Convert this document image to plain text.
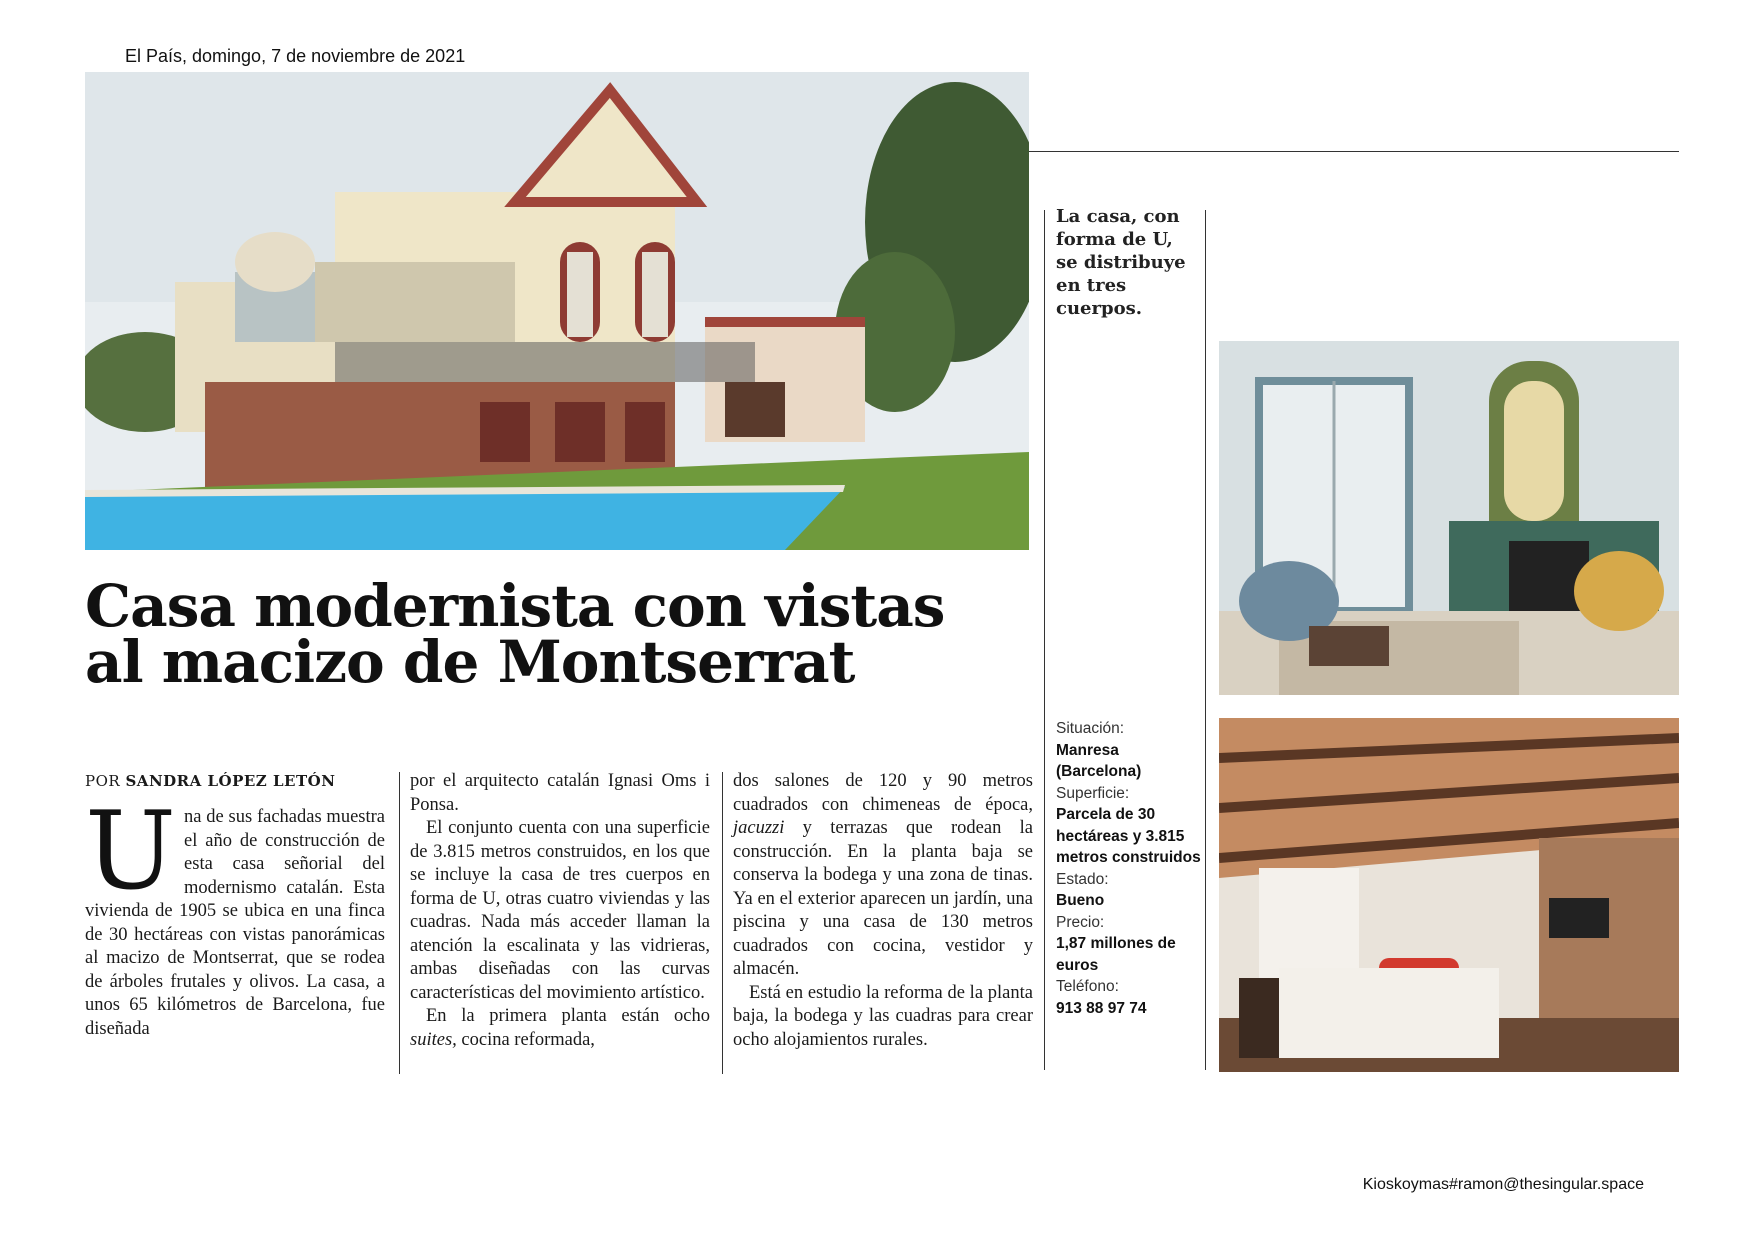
El País, domingo, 7 de noviembre de 2021
Casa modernista con vistas al macizo de Montserrat
POR SANDRA LÓPEZ LETÓN

Una de sus fachadas muestra el año de construcción de esta casa señorial del modernismo catalán. Esta vivienda de 1905 se ubica en una finca de 30 hectáreas con vistas panorámicas al macizo de Montserrat, que se rodea de árboles frutales y olivos. La casa, a unos 65 kilómetros de Barcelona, fue diseñada

por el arquitecto catalán Ignasi Oms i Ponsa.

El conjunto cuenta con una superficie de 3.815 metros construidos, en los que se incluye la casa de tres cuerpos en forma de U, otras cuatro viviendas y las cuadras. Nada más acceder llaman la atención la escalinata y las vidrieras, ambas diseñadas con las curvas características del movimiento artístico.

En la primera planta están ocho suites, cocina reformada,

dos salones de 120 y 90 metros cuadrados con chimeneas de época, jacuzzi y terrazas que rodean la construcción. En la planta baja se conserva la bodega y una zona de tinas. Ya en el exterior aparecen un jardín, una piscina y una casa de 130 metros cuadrados con cocina, vestidor y almacén.

Está en estudio la reforma de la planta baja, la bodega y las cuadras para crear ocho alojamientos rurales.

La casa, con forma de U, se distribuye en tres cuerpos.
Situación:
Manresa (Barcelona)
Superficie:
Parcela de 30 hectáreas y 3.815 metros construidos
Estado:
Bueno
Precio:
1,87 millones de euros
Teléfono:
913 88 97 74
Kioskoymas#ramon@thesingular.space
